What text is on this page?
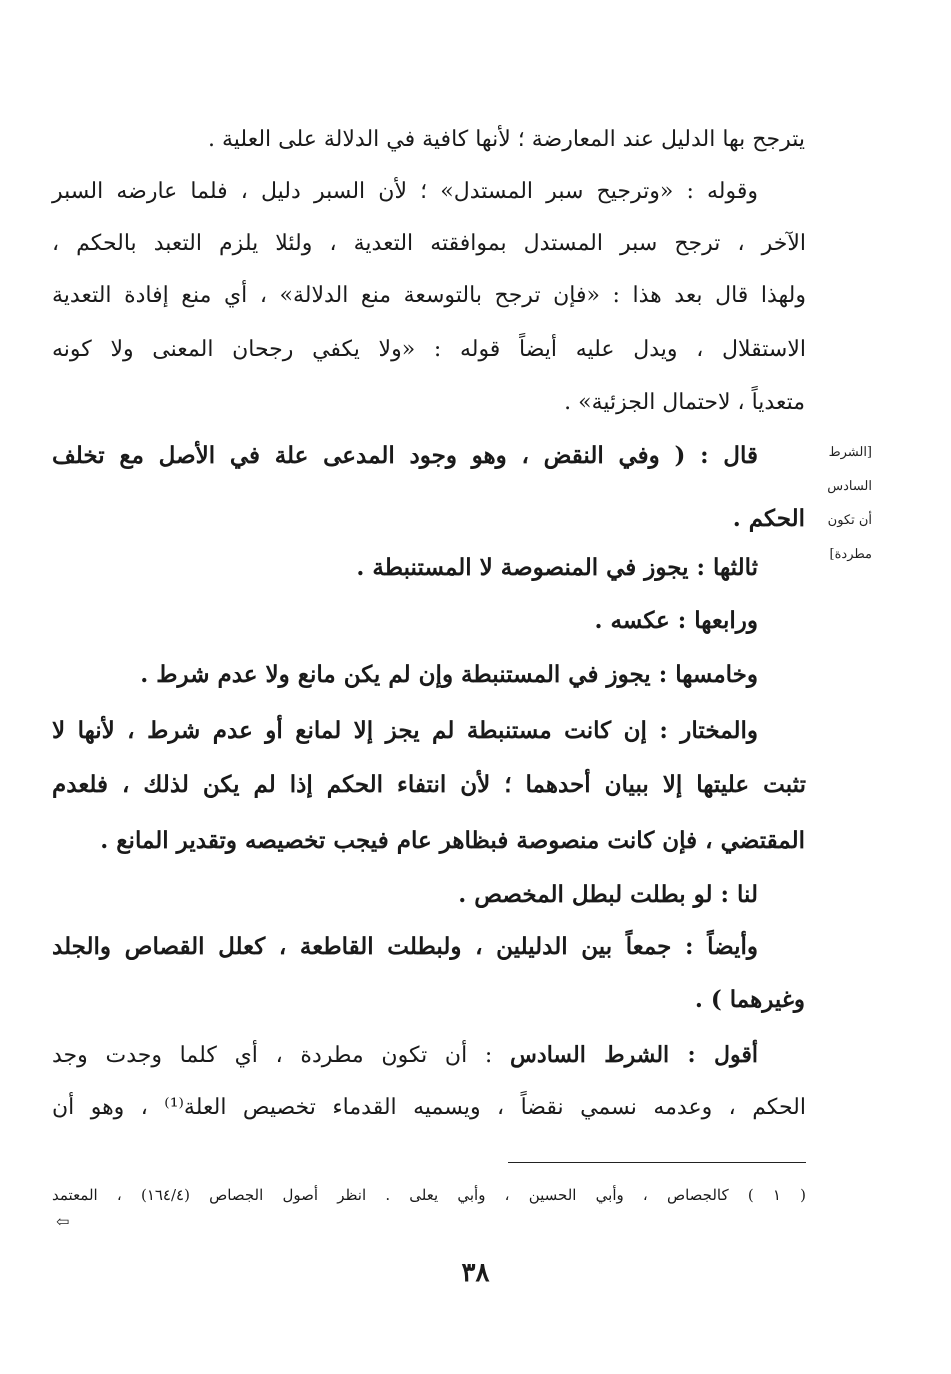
يترجح بها الدليل عند المعارضة ؛ لأنها كافية في الدلالة على العلية .
وقوله : «وترجيح سبر المستدل» ؛ لأن السبر دليل ، فلما عارضه السبر
الآخر ، ترجح سبر المستدل بموافقته التعدية ، ولئلا يلزم التعبد بالحكم ،
ولهذا قال بعد هذا : «فإن ترجح بالتوسعة منع الدلالة» ، أي منع إفادة التعدية
الاستقلال ، ويدل عليه أيضاً قوله : «ولا يكفي رجحان المعنى ولا كونه
متعدياً ، لاحتمال الجزئية» .
[الشرط
السادس
أن تكون
مطردة]
قال : ( وفي النقض ، وهو وجود المدعى علة في الأصل مع تخلف
الحكم .
ثالثها : يجوز في المنصوصة لا المستنبطة .
ورابعها : عكسه .
وخامسها : يجوز في المستنبطة وإن لم يكن مانع ولا عدم شرط .
والمختار : إن كانت مستنبطة لم يجز إلا لمانع أو عدم شرط ، لأنها لا
تثبت عليتها إلا ببيان أحدهما ؛ لأن انتفاء الحكم إذا لم يكن لذلك ، فلعدم
المقتضي ، فإن كانت منصوصة فبظاهر عام فيجب تخصيصه وتقدير المانع .
لنا : لو بطلت لبطل المخصص .
وأيضاً : جمعاً بين الدليلين ، ولبطلت القاطعة ، كعلل القصاص والجلد
وغيرهما ) .
أقول : الشرط السادس : أن تكون مطردة ، أي كلما وجدت وجد
الحكم ، وعدمه نسمي نقضاً ، ويسميه القدماء تخصيص العلة⁽¹⁾ ، وهو أن
( ١ ) كالجصاص ، وأبي الحسين ، وأبي يعلى . انظر أصول الجصاص (١٦٤/٤) ، المعتمد
⇦
٣٨
